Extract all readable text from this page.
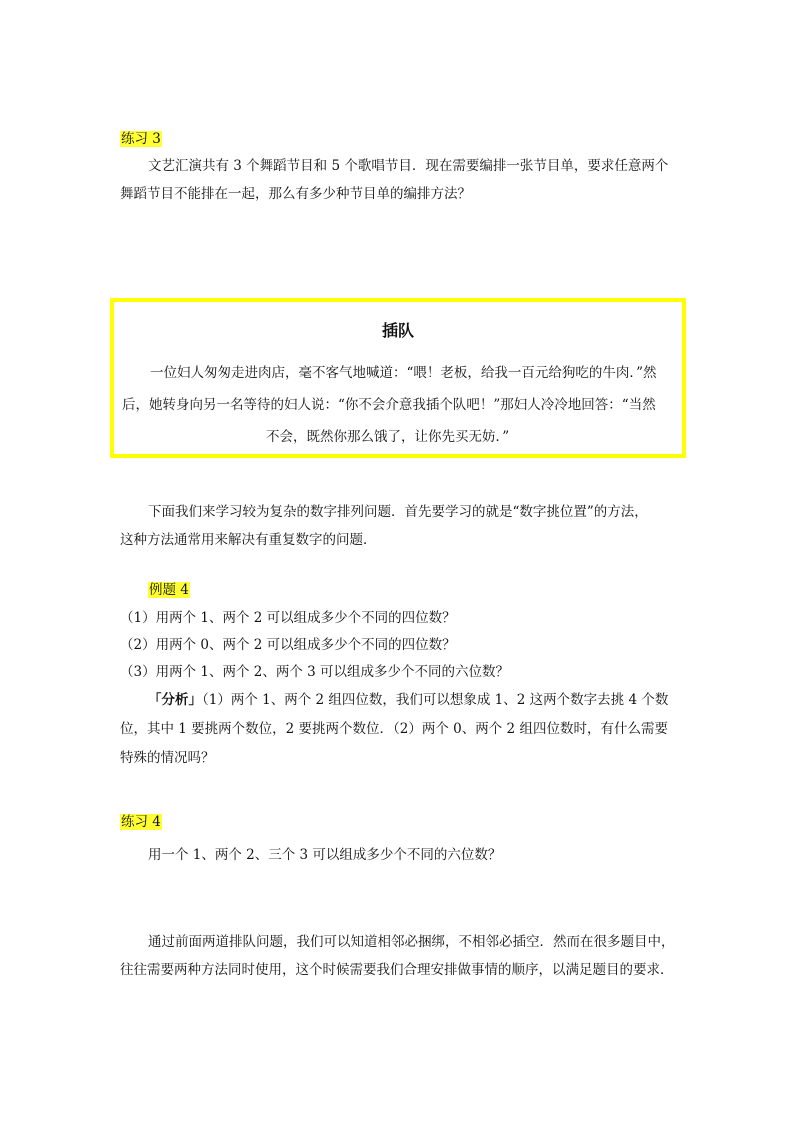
练习 3
文艺汇演共有 3 个舞蹈节目和 5 个歌唱节目．现在需要编排一张节目单，要求任意两个
舞蹈节目不能排在一起，那么有多少种节目单的编排方法？
插队
一位妇人匆匆走进肉店，毫不客气地喊道：“喂！老板，给我一百元给狗吃的牛肉．”然
后，她转身向另一名等待的妇人说：“你不会介意我插个队吧！”那妇人冷冷地回答：“当然
不会，既然你那么饿了，让你先买无妨．”
下面我们来学习较为复杂的数字排列问题．首先要学习的就是“数字挑位置”的方法，
这种方法通常用来解决有重复数字的问题．
例题 4
（1）用两个 1、两个 2 可以组成多少个不同的四位数？
（2）用两个 0、两个 2 可以组成多少个不同的四位数？
（3）用两个 1、两个 2、两个 3 可以组成多少个不同的六位数？
「分析」（1）两个 1、两个 2 组四位数，我们可以想象成 1、2 这两个数字去挑 4 个数
位，其中 1 要挑两个数位，2 要挑两个数位．（2）两个 0、两个 2 组四位数时，有什么需要
特殊的情况吗？
练习 4
用一个 1、两个 2、三个 3 可以组成多少个不同的六位数？
通过前面两道排队问题，我们可以知道相邻必捆绑，不相邻必插空．然而在很多题目中，
往往需要两种方法同时使用，这个时候需要我们合理安排做事情的顺序，以满足题目的要求．
